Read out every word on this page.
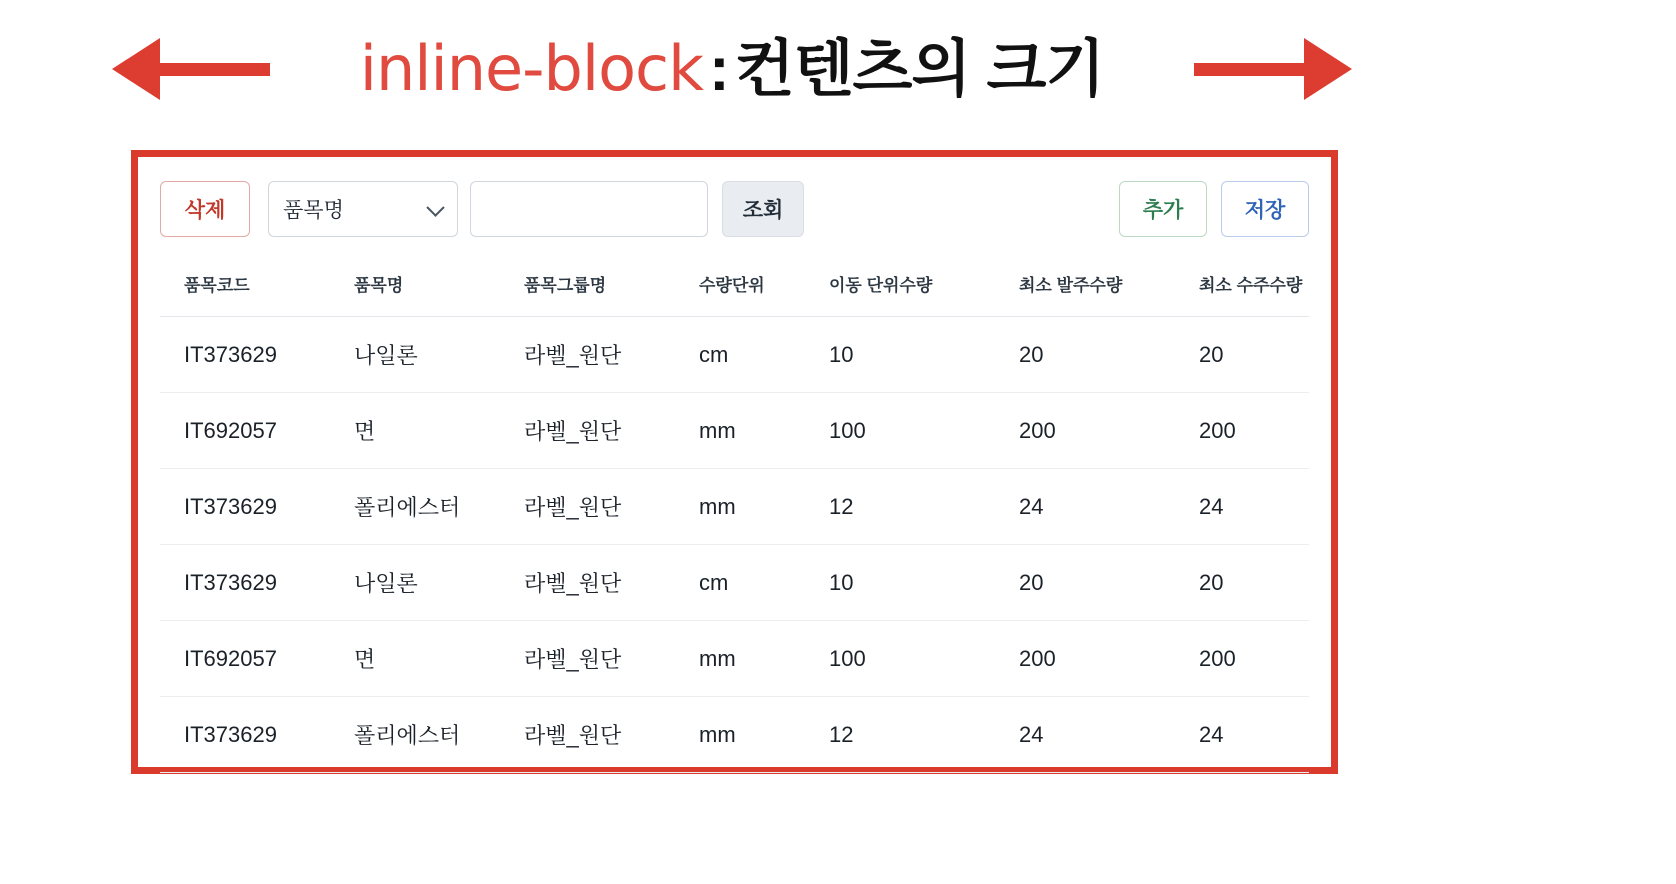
inline-block:컨텐츠의 크기
삭제	품목명	조회	추가	저장
품목코드	품목명	품목그룹명	수량단위	이동 단위수량	최소 발주수량	최소 수주수량
IT373629	나일론	라벨_원단	cm	10	20	20
IT692057	면	라벨_원단	mm	100	200	200
IT373629	폴리에스터	라벨_원단	mm	12	24	24
IT373629	나일론	라벨_원단	cm	10	20	20
IT692057	면	라벨_원단	mm	100	200	200
IT373629	폴리에스터	라벨_원단	mm	12	24	24
